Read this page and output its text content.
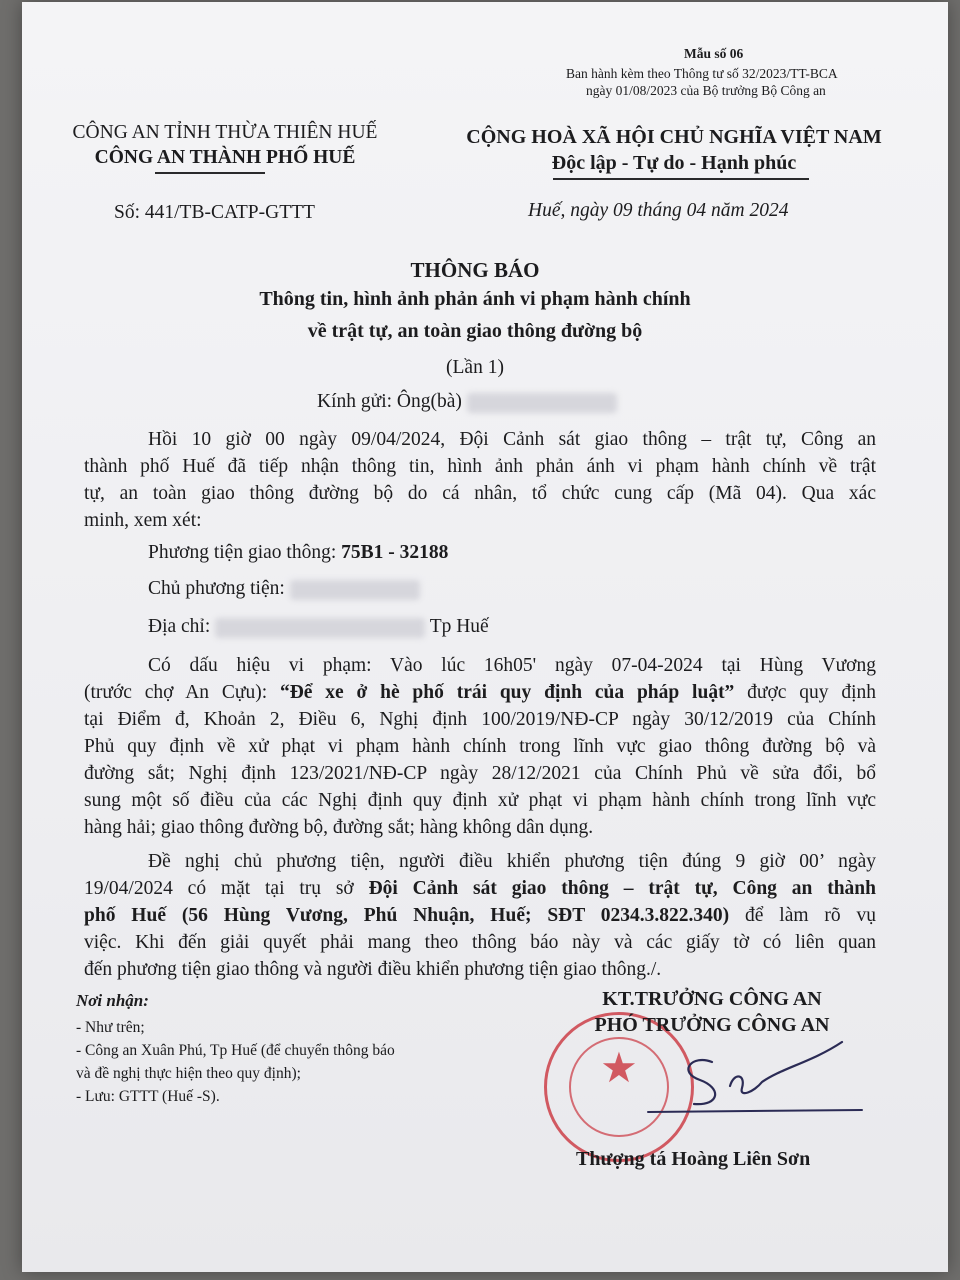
Mẫu số 06
Ban hành kèm theo Thông tư số 32/2023/TT-BCA
ngày 01/08/2023 của Bộ trưởng Bộ Công an
CÔNG AN TỈNH THỪA THIÊN HUẾ
CÔNG AN THÀNH PHỐ HUẾ
Số: 441/TB-CATP-GTTT
CỘNG HOÀ XÃ HỘI CHỦ NGHĨA VIỆT NAM
Độc lập - Tự do - Hạnh phúc
Huế, ngày 09 tháng 04 năm 2024
THÔNG BÁO
Thông tin, hình ảnh phản ánh vi phạm hành chính
về trật tự, an toàn giao thông đường bộ
(Lần 1)
Kính gửi: Ông(bà)
Hồi 10 giờ 00 ngày 09/04/2024, Đội Cảnh sát giao thông – trật tự, Công an
thành phố Huế đã tiếp nhận thông tin, hình ảnh phản ánh vi phạm hành chính về trật
tự, an toàn giao thông đường bộ do cá nhân, tổ chức cung cấp (Mã 04). Qua xác
minh, xem xét:
Phương tiện giao thông: 75B1 - 32188
Chủ phương tiện:
Địa chỉ:	Tp Huế
Có dấu hiệu vi phạm: Vào lúc 16h05' ngày 07-04-2024 tại Hùng Vương
(trước chợ An Cựu): “Để xe ở hè phố trái quy định của pháp luật” được quy định
tại Điểm đ, Khoản 2, Điều 6, Nghị định 100/2019/NĐ-CP ngày 30/12/2019 của Chính
Phủ quy định về xử phạt vi phạm hành chính trong lĩnh vực giao thông đường bộ và
đường sắt; Nghị định 123/2021/NĐ-CP ngày 28/12/2021 của Chính Phủ về sửa đổi, bổ
sung một số điều của các Nghị định quy định xử phạt vi phạm hành chính trong lĩnh vực
hàng hải; giao thông đường bộ, đường sắt; hàng không dân dụng.
Đề nghị chủ phương tiện, người điều khiển phương tiện đúng 9 giờ 00’ ngày
19/04/2024 có mặt tại trụ sở Đội Cảnh sát giao thông – trật tự, Công an thành
phố Huế (56 Hùng Vương, Phú Nhuận, Huế; SĐT 0234.3.822.340) để làm rõ vụ
việc. Khi đến giải quyết phải mang theo thông báo này và các giấy tờ có liên quan
đến phương tiện giao thông và người điều khiển phương tiện giao thông./.
Nơi nhận:
- Như trên;
- Công an Xuân Phú, Tp Huế (để chuyển thông báo
và đề nghị thực hiện theo quy định);
- Lưu: GTTT (Huế -S).
★
KT.TRƯỞNG CÔNG AN
PHÓ TRƯỞNG CÔNG AN
Thượng tá Hoàng Liên Sơn
